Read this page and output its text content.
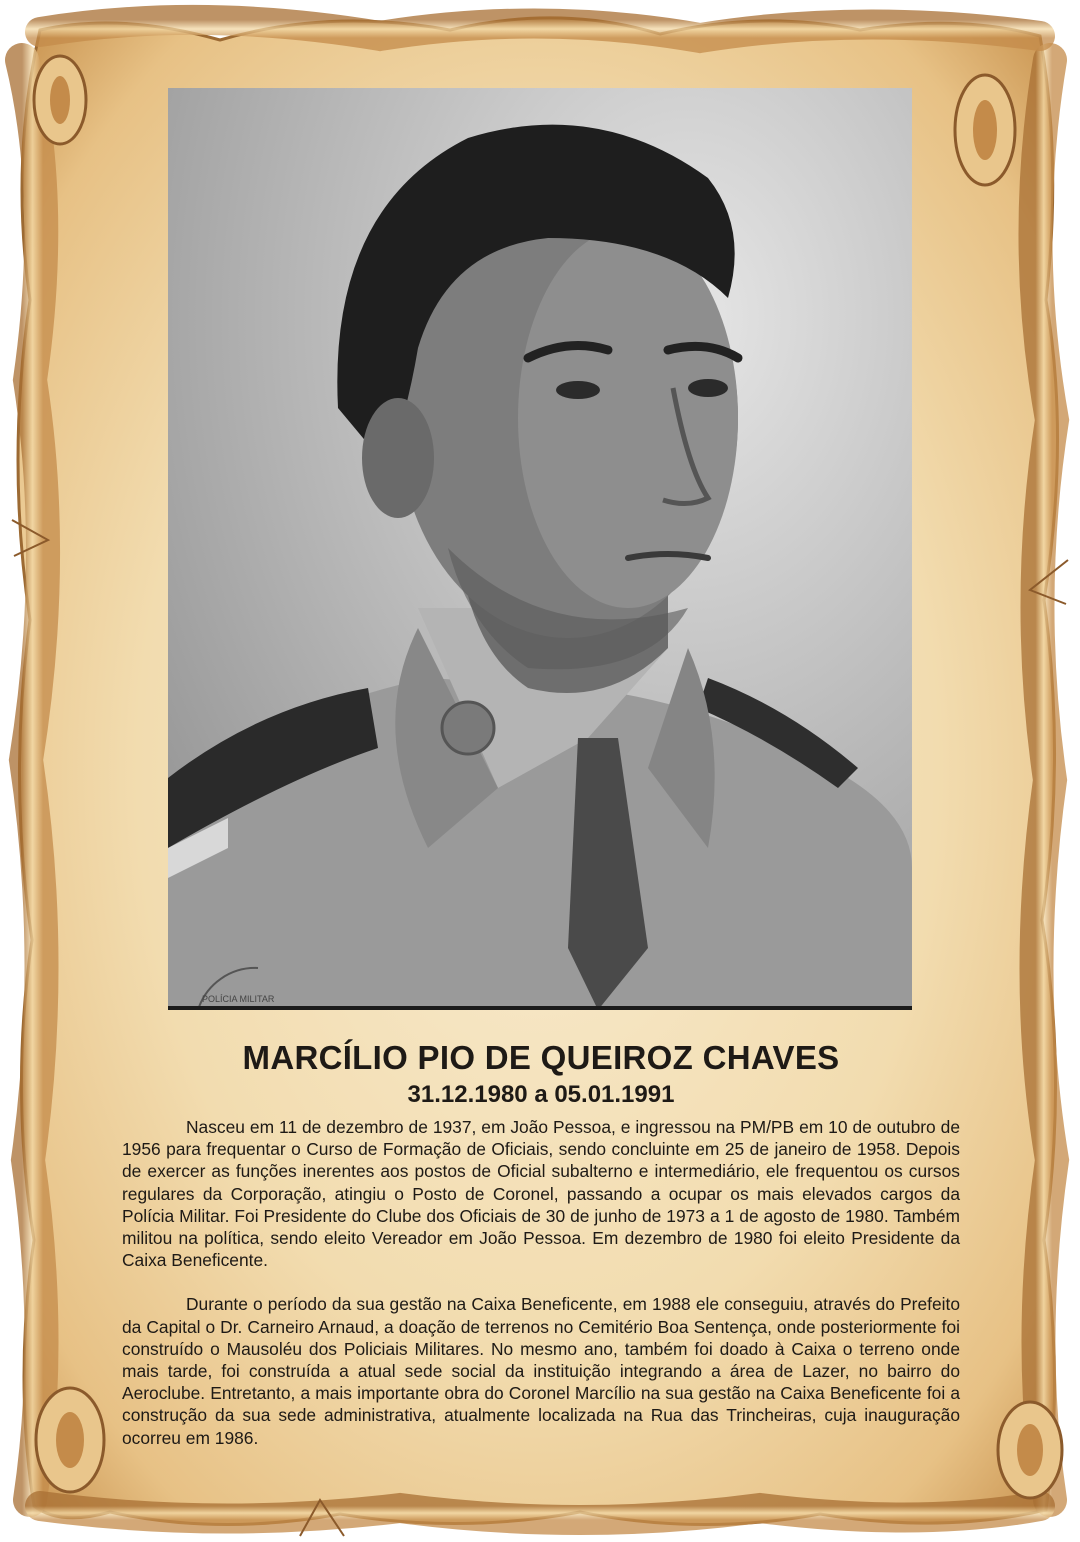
POLÍCIA MILITAR
MARCÍLIO PIO DE QUEIROZ CHAVES
31.12.1980 a 05.01.1991

Nasceu em 11 de dezembro de 1937, em João Pessoa, e ingressou na PM/PB em 10 de outubro de 1956 para frequentar o Curso de Formação de Oficiais, sendo concluinte em 25 de janeiro de 1958. Depois de exercer as funções inerentes aos postos de Oficial subalterno e intermediário, ele frequentou os cursos regulares da Corporação, atingiu o Posto de Coronel, passando a ocupar os mais elevados cargos da Polícia Militar. Foi Presidente do Clube dos Oficiais de 30 de junho de 1973 a 1 de agosto de 1980. Também militou na política, sendo eleito Vereador em João Pessoa. Em dezembro de 1980 foi eleito Presidente da Caixa Beneficente.

Durante o período da sua gestão na Caixa Beneficente, em 1988 ele conseguiu, através do Prefeito da Capital o Dr. Carneiro Arnaud, a doação de terrenos no Cemitério Boa Sentença, onde posteriormente foi construído o Mausoléu dos Policiais Militares. No mesmo ano, também foi doado à Caixa o terreno onde mais tarde, foi construída a atual sede social da instituição integrando a área de Lazer, no bairro do Aeroclube. Entretanto, a mais importante obra do Coronel Marcílio na sua gestão na Caixa Beneficente foi a construção da sua sede administrativa, atualmente localizada na Rua das Trincheiras, cuja inauguração ocorreu em 1986.
